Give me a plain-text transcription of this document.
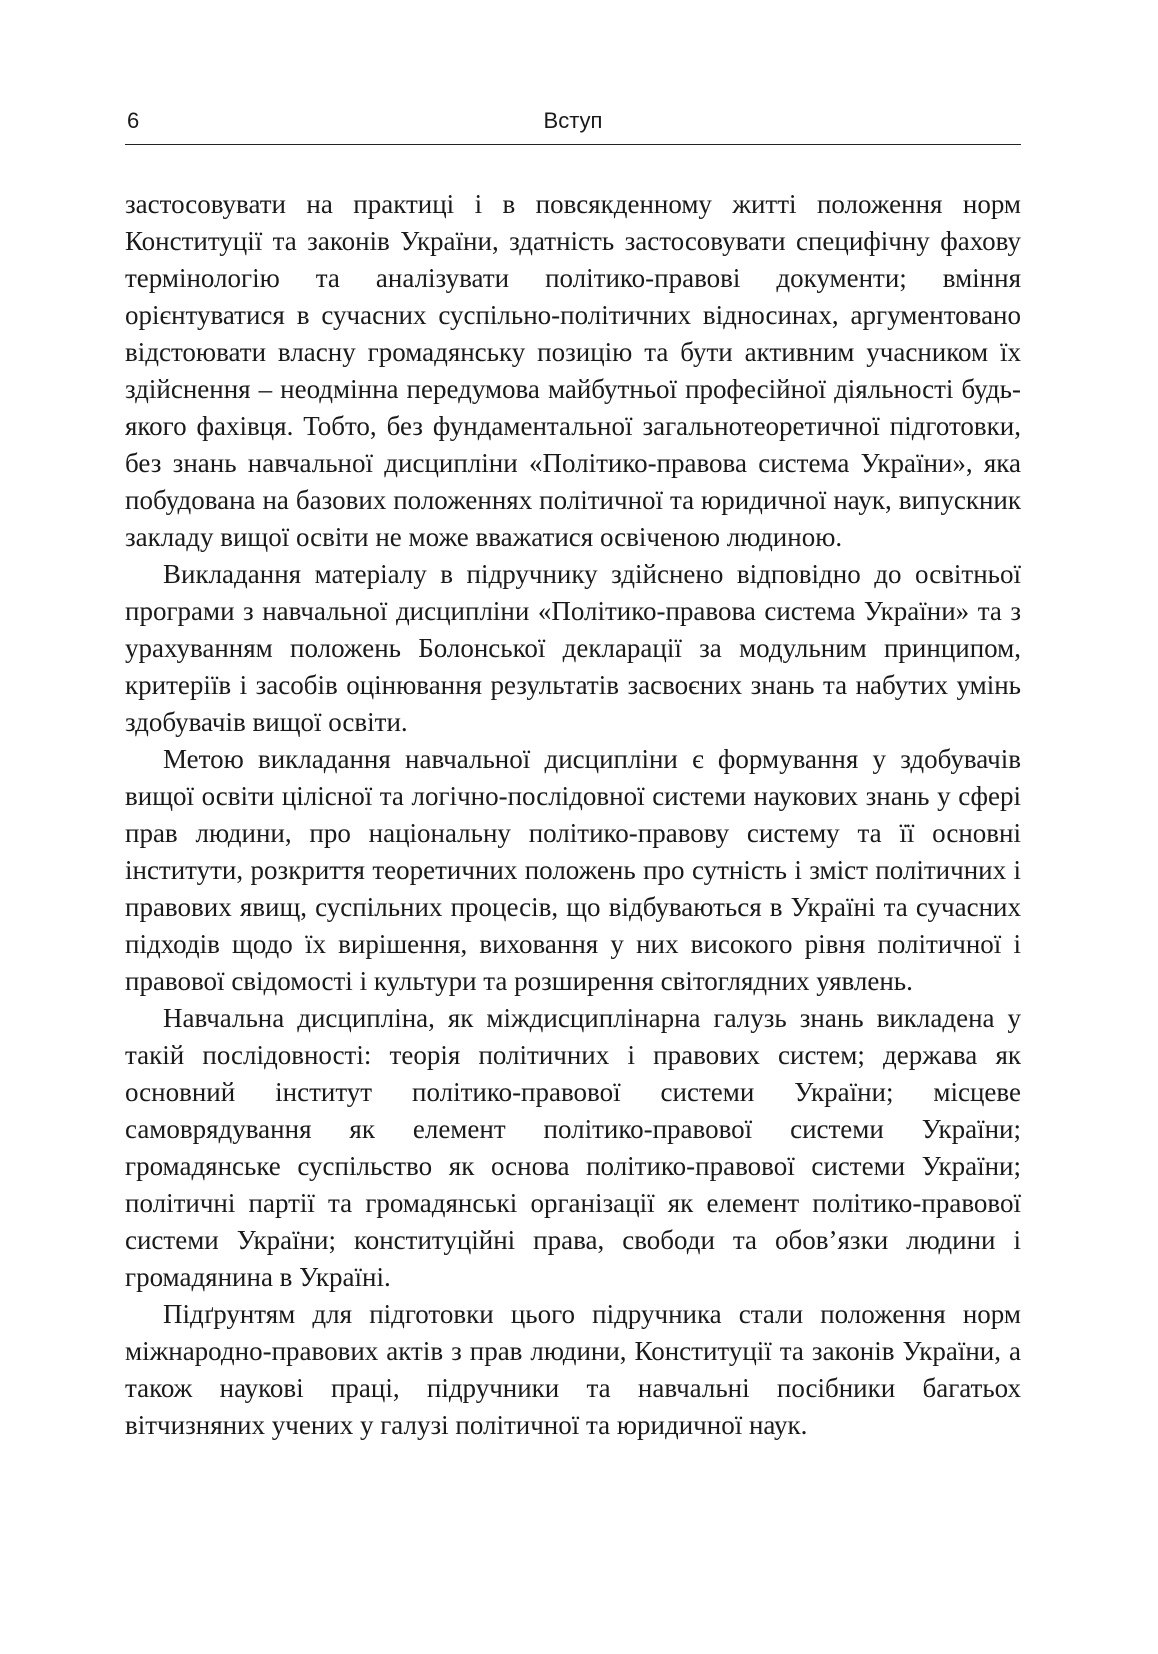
6	Вступ

застосовувати на практиці і в повсякденному житті положення норм Конституції та законів України, здатність застосовувати специфічну фахову термінологію та аналізувати політико-правові документи; вміння орієнтуватися в сучасних суспільно-політичних відносинах, аргументовано відстоювати власну громадянську позицію та бути активним учасником їх здійснення – неодмінна передумова майбутньої професійної діяльності будь-якого фахівця. Тобто, без фундаментальної загальнотеоретичної підготовки, без знань навчальної дисципліни «Політико-правова система України», яка побудована на базових положеннях політичної та юридичної наук, випускник закладу вищої освіти не може вважатися освіченою людиною.

Викладання матеріалу в підручнику здійснено відповідно до освітньої програми з навчальної дисципліни «Політико-правова система України» та з урахуванням положень Болонської декларації за модульним принципом, критеріїв і засобів оцінювання результатів засвоєних знань та набутих умінь здобувачів вищої освіти.

Метою викладання навчальної дисципліни є формування у здобувачів вищої освіти цілісної та логічно-послідовної системи наукових знань у сфері прав людини, про національну політико-правову систему та її основні інститути, розкриття теоретичних положень про сутність і зміст політичних і правових явищ, суспільних процесів, що відбуваються в Україні та сучасних підходів щодо їх вирішення, виховання у них високого рівня політичної і правової свідомості і культури та розширення світоглядних уявлень.

Навчальна дисципліна, як міждисциплінарна галузь знань викладена у такій послідовності: теорія політичних і правових систем; держава як основний інститут політико-правової системи України; місцеве самоврядування як елемент політико-правової системи України; громадянське суспільство як основа політико-правової системи України; політичні партії та громадянські організації як елемент політико-правової системи України; конституційні права, свободи та обов’язки людини і громадянина в Україні.

Підґрунтям для підготовки цього підручника стали положення норм міжнародно-правових актів з прав людини, Конституції та законів України, а також наукові праці, підручники та навчальні посібники багатьох вітчизняних учених у галузі політичної та юридичної наук.
